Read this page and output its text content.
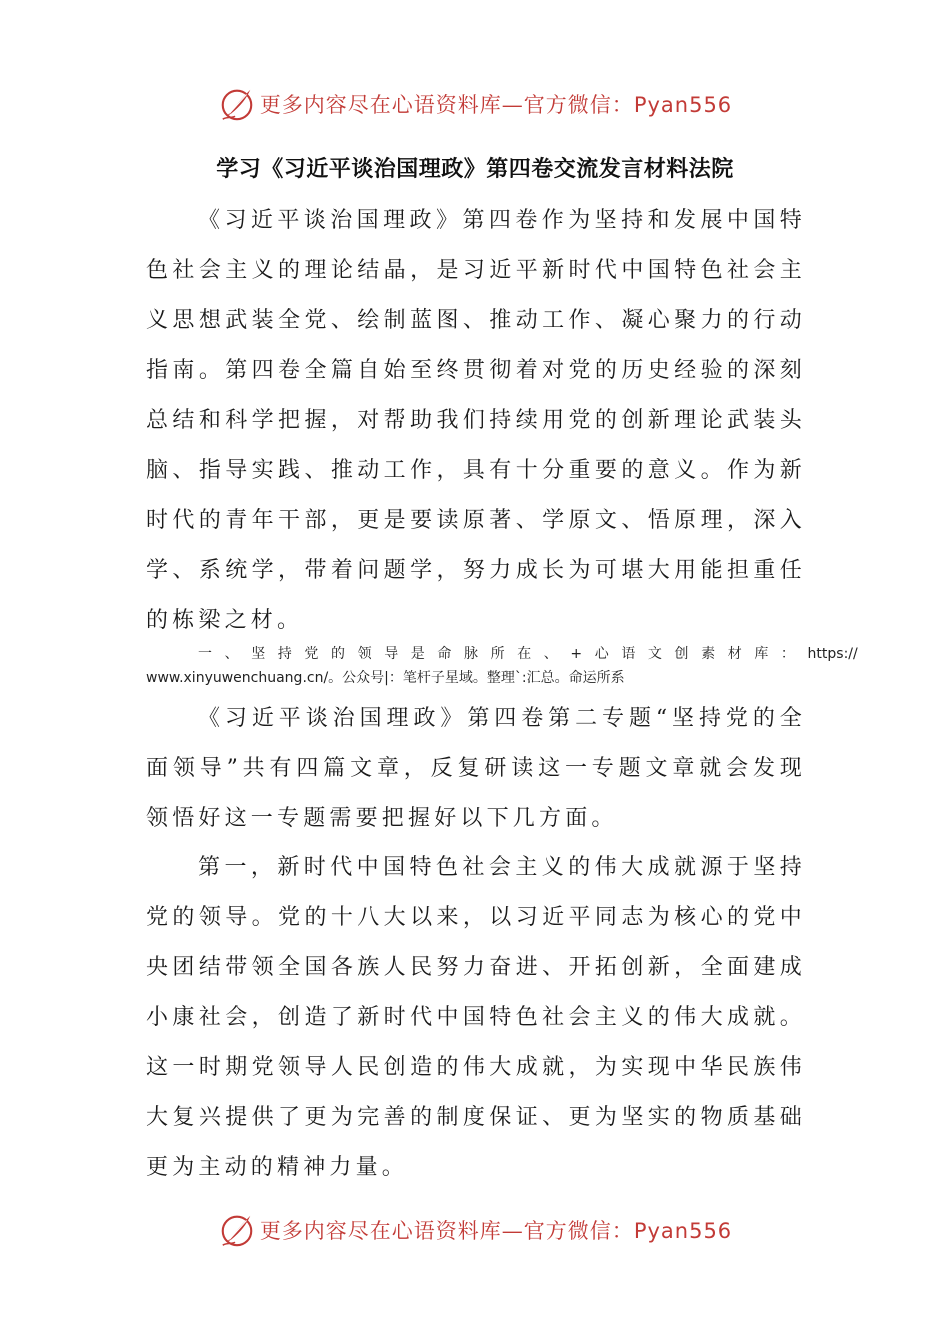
更多内容尽在心语资料库—官方微信：Pyan556
学习《习近平谈治国理政》第四卷交流发言材料法院

《习近平谈治国理政》第四卷作为坚持和发展中国特色社会主义的理论结晶，是习近平新时代中国特色社会主义思想武装全党、绘制蓝图、推动工作、凝心聚力的行动指南。第四卷全篇自始至终贯彻着对党的历史经验的深刻总结和科学把握，对帮助我们持续用党的创新理论武装头脑、指导实践、推动工作，具有十分重要的意义。作为新时代的青年干部，更是要读原著、学原文、悟原理，深入学、系统学，带着问题学，努力成长为可堪大用能担重任的栋梁之材。

一、坚持党的领导是命脉所在、+心语文创素材库： https://
www.xinyuwenchuang.cn/。公众号|：笔杆子星域。整理`:汇总。命运所系

《习近平谈治国理政》第四卷第二专题“坚持党的全面领导”共有四篇文章，反复研读这一专题文章就会发现领悟好这一专题需要把握好以下几方面。

第一，新时代中国特色社会主义的伟大成就源于坚持党的领导。党的十八大以来，以习近平同志为核心的党中央团结带领全国各族人民努力奋进、开拓创新，全面建成小康社会，创造了新时代中国特色社会主义的伟大成就。这一时期党领导人民创造的伟大成就，为实现中华民族伟大复兴提供了更为完善的制度保证、更为坚实的物质基础更为主动的精神力量。

更多内容尽在心语资料库—官方微信：Pyan556
